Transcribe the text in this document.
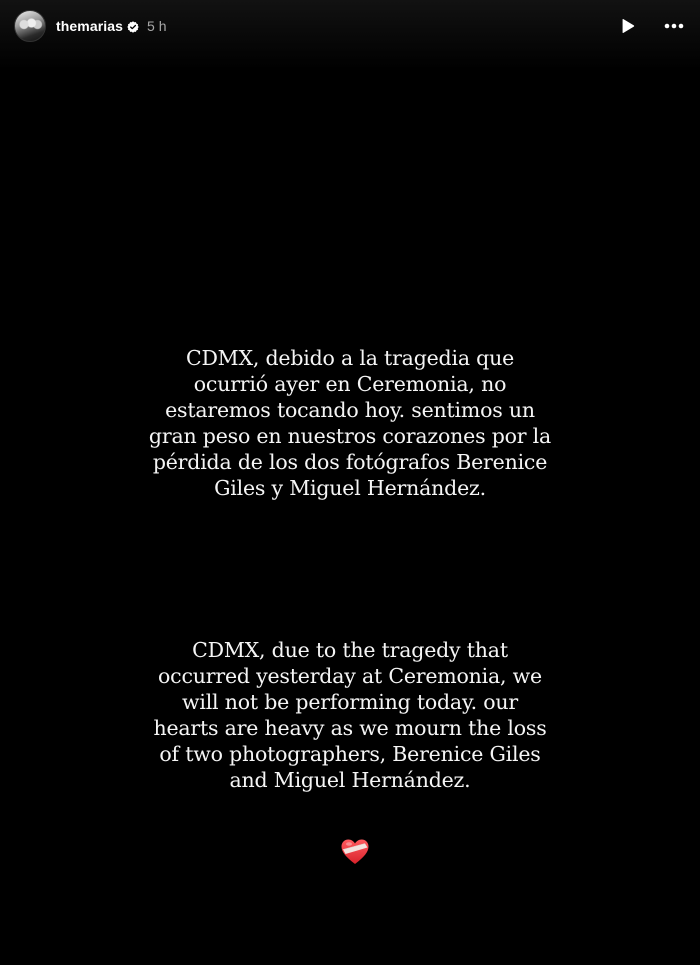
themarias 5 h
CDMX, debido a la tragedia que
ocurrió ayer en Ceremonia, no
estaremos tocando hoy. sentimos un
gran peso en nuestros corazones por la
pérdida de los dos fotógrafos Berenice
Giles y Miguel Hernández.
CDMX, due to the tragedy that
occurred yesterday at Ceremonia, we
will not be performing today. our
hearts are heavy as we mourn the loss
of two photographers, Berenice Giles
and Miguel Hernández.
